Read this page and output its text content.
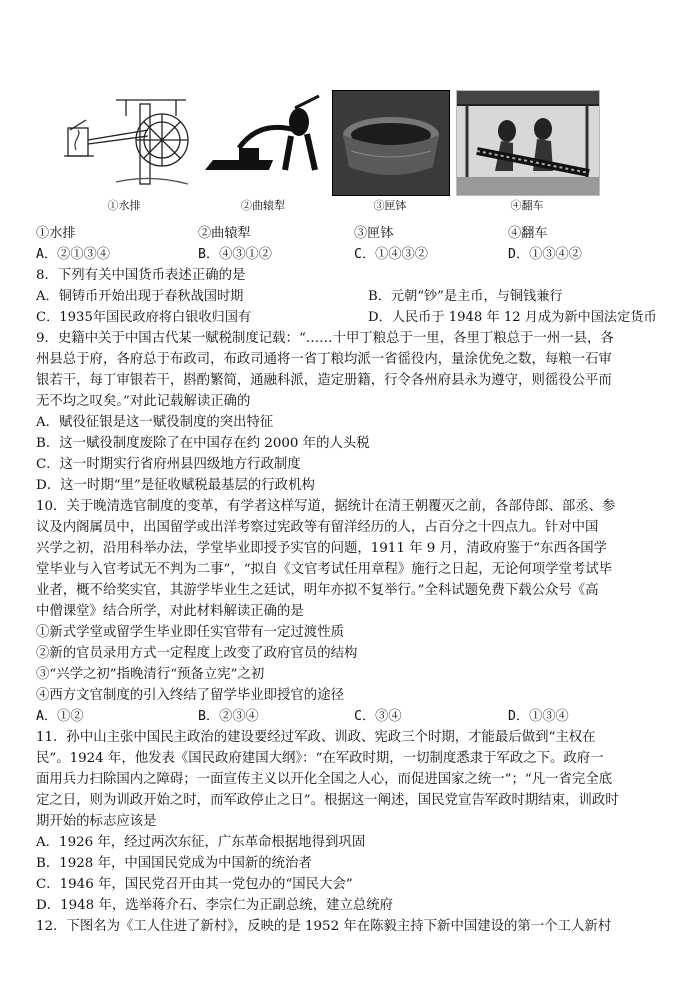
①水排	②曲辕犁	③匣钵	④翻车
①水排	②曲辕犁	③匣钵	④翻车
A．②①③④	B．④③①②	C．①④③②	D．①③④②
8．下列有关中国货币表述正确的是
A．铜铸币开始出现于春秋战国时期	B．元朝“钞”是主币，与铜钱兼行
C．1935年国民政府将白银收归国有	D．人民币于 1948 年 12 月成为新中国法定货币
9．史籍中关于中国古代某一赋税制度记载：“……十甲丁粮总于一里，各里丁粮总于一州一县，各
州县总于府，各府总于布政司，布政司通将一省丁粮均派一省徭役内，量涂优免之数，每粮一石审
银若干，每丁审银若干，斟酌繁简，通融科派，造定册籍，行令各州府县永为遵守，则徭役公平而
无不均之叹矣。”对此记载解读正确的
A．赋役征银是这一赋役制度的突出特征
B．这一赋役制度废除了在中国存在约 2000 年的人头税
C．这一时期实行省府州县四级地方行政制度
D．这一时期“里”是征收赋税最基层的行政机构
10．关于晚清选官制度的变革，有学者这样写道，据统计在清王朝覆灭之前，各部侍郎、部丞、参
议及内阁属员中，出国留学或出洋考察过宪政等有留洋经历的人，占百分之十四点九。针对中国
兴学之初，沿用科举办法，学堂毕业即授予实官的问题，1911 年 9 月，清政府鉴于“东西各国学
堂毕业与入官考试无不判为二事”，“拟自《文官考试任用章程》施行之日起，无论何项学堂考试毕
业者，概不给奖实官，其游学毕业生之廷试，明年亦拟不复举行。”全科试题免费下载公众号《高
中僧课堂》结合所学，对此材料解读正确的是
①新式学堂或留学生毕业即任实官带有一定过渡性质
②新的官员录用方式一定程度上改变了政府官员的结构
③“兴学之初”指晚清行“预备立宪”之初
④西方文官制度的引入终结了留学毕业即授官的途径
A．①②	B．②③④	C．③④	D．①③④
11．孙中山主张中国民主政治的建设要经过军政、训政、宪政三个时期，才能最后做到“主权在
民”。1924 年，他发表《国民政府建国大纲》：“在军政时期，一切制度悉隶于军政之下。政府一
面用兵力扫除国内之障碍；一面宣传主义以开化全国之人心，而促进国家之统一”；“凡一省完全底
定之日，则为训政开始之时，而军政停止之日”。根据这一阐述，国民党宣告军政时期结束，训政时
期开始的标志应该是
A．1926 年，经过两次东征，广东革命根据地得到巩固
B．1928 年，中国国民党成为中国新的统治者
C．1946 年，国民党召开由其一党包办的“国民大会”
D．1948 年，选举蒋介石、李宗仁为正副总统，建立总统府
12．下图名为《工人住进了新村》，反映的是 1952 年在陈毅主持下新中国建设的第一个工人新村
